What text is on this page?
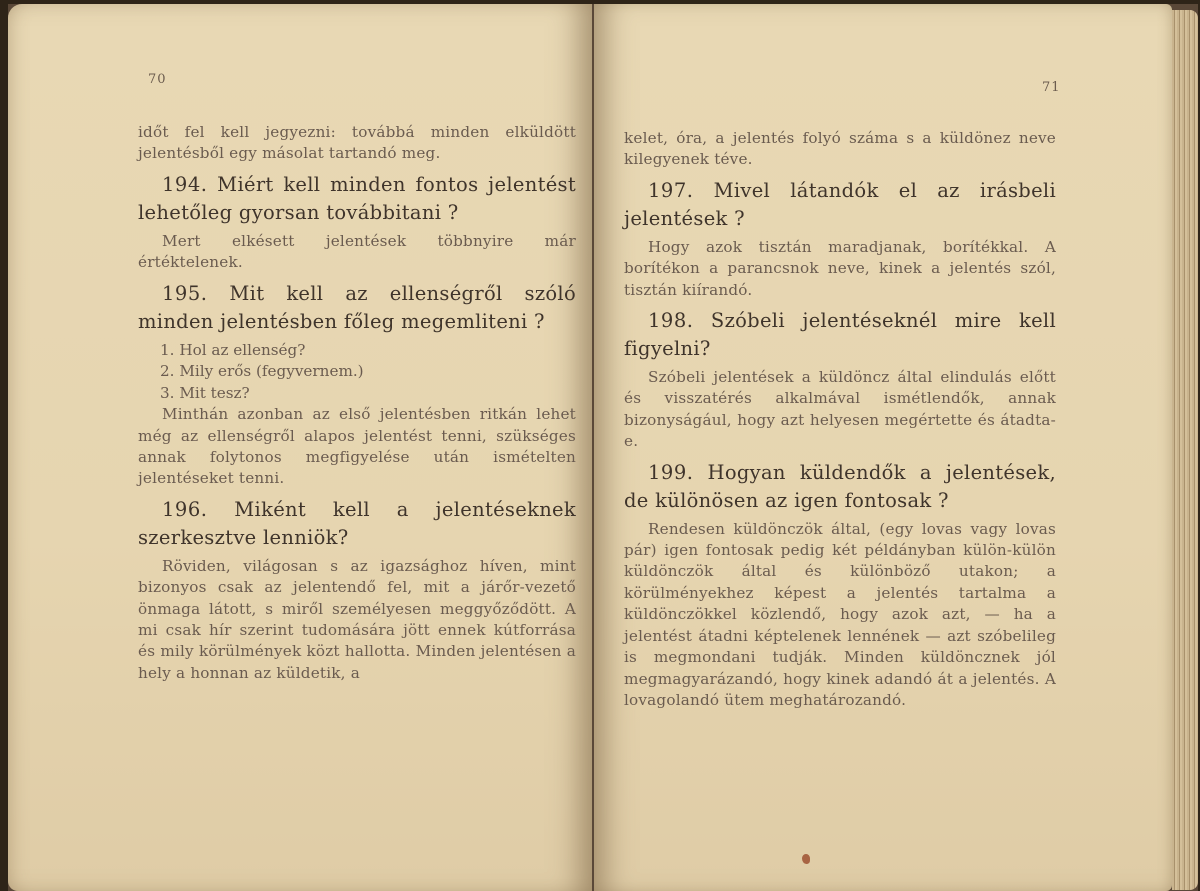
70

időt fel kell jegyezni: továbbá minden elküldött jelentésből egy másolat tartandó meg.

194. Miért kell minden fontos jelentést lehetőleg gyorsan továbbitani ?

Mert elkésett jelentések többnyire már értéktelenek.

195. Mit kell az ellenségről szóló minden jelentésben főleg megemliteni ?

1. Hol az ellenség?
2. Mily erős (fegyvernem.)
3. Mit tesz?

Minthán azonban az első jelentésben ritkán lehet még az ellenségről alapos jelentést tenni, szükséges annak folytonos megfigyelése után ismételten jelentéseket tenni.

196. Miként kell a jelentéseknek szerkesztve lenniök?

Röviden, világosan s az igazsághoz híven, mint bizonyos csak az jelentendő fel, mit a járőr-vezető önmaga látott, s miről személyesen meggyőződött. A mi csak hír szerint tudomására jött ennek kútforrása és mily körülmények közt hallotta. Minden jelentésen a hely a honnan az küldetik, a

71

kelet, óra, a jelentés folyó száma s a küldönez neve kilegyenek téve.

197. Mivel látandók el az irásbeli jelentések ?

Hogy azok tisztán maradjanak, borítékkal. A borítékon a parancsnok neve, kinek a jelentés szól, tisztán kiírandó.

198. Szóbeli jelentéseknél mire kell figyelni?

Szóbeli jelentések a küldöncz által elindulás előtt és visszatérés alkalmával ismétlendők, annak bizonyságául, hogy azt helyesen megértette és átadta-e.

199. Hogyan küldendők a jelentések, de különösen az igen fontosak ?

Rendesen küldönczök által, (egy lovas vagy lovas pár) igen fontosak pedig két példányban külön-külön küldönczök által és különböző utakon; a körülményekhez képest a jelentés tartalma a küldönczökkel közlendő, hogy azok azt, — ha a jelentést átadni képtelenek lennének — azt szóbelileg is megmondani tudják. Minden küldöncznek jól megmagyarázandó, hogy kinek adandó át a jelentés. A lovagolandó ütem meghatározandó.
